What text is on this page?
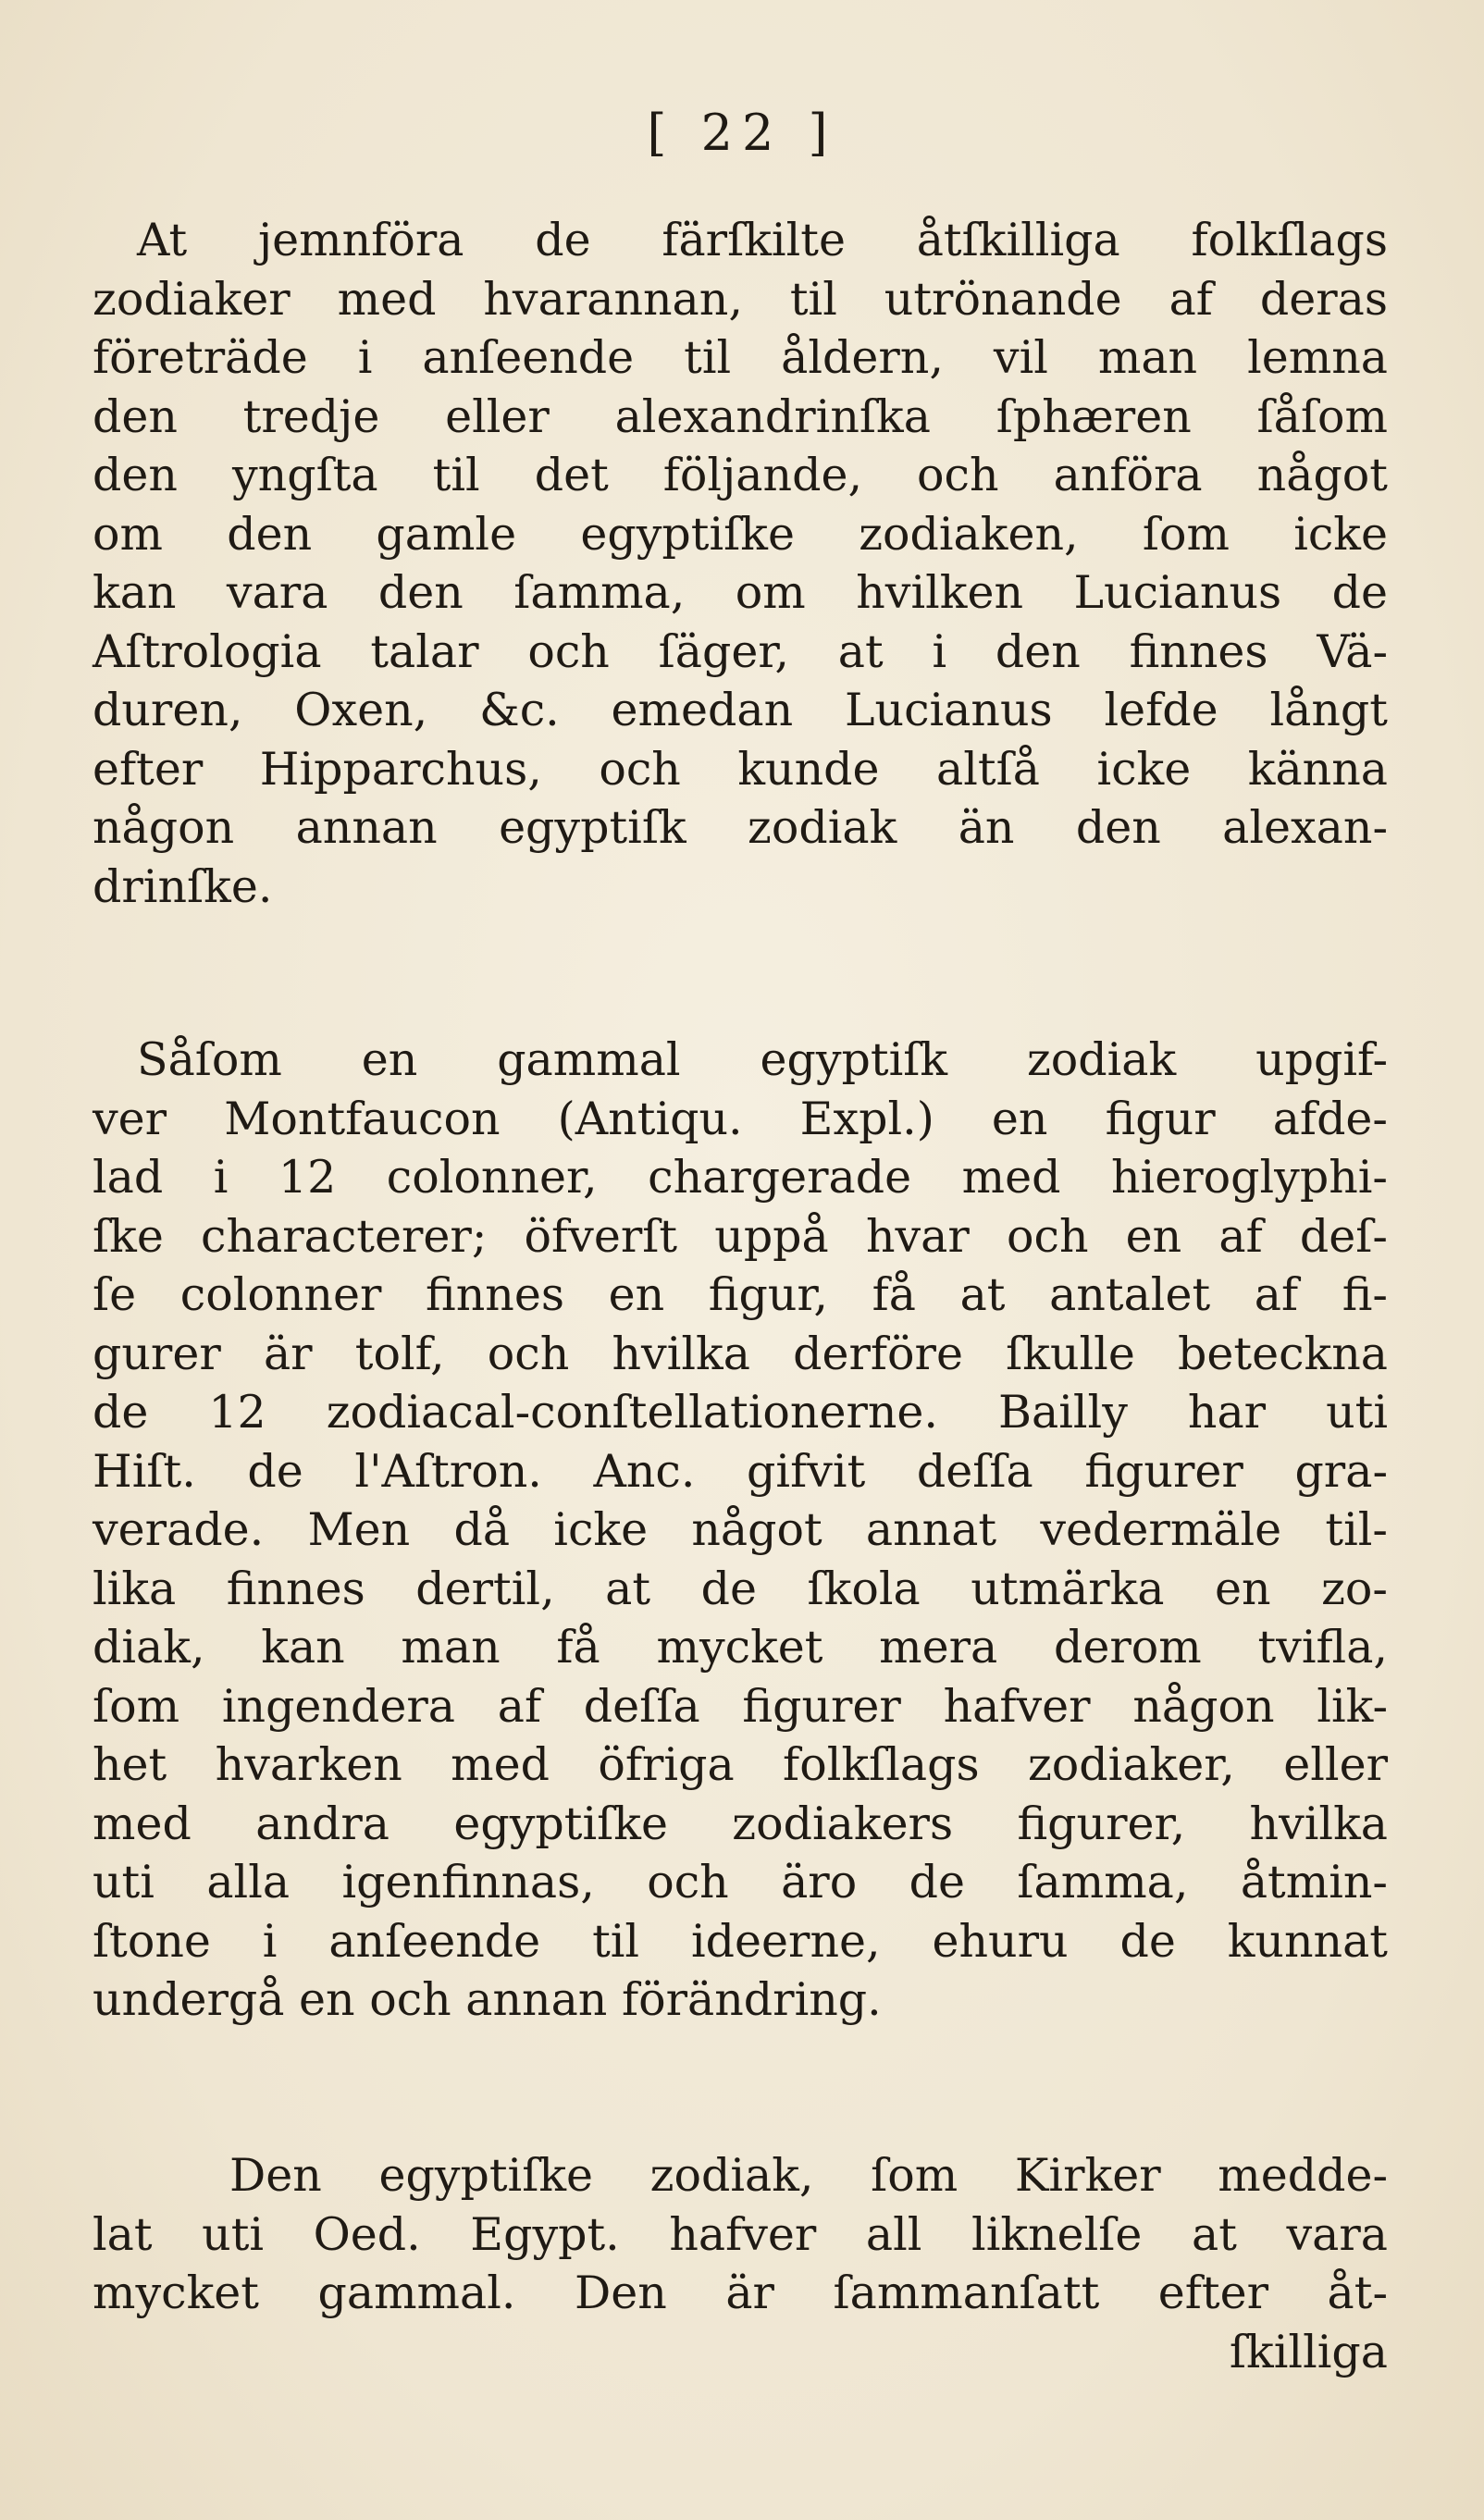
[ 22 ]
At jemnföra de färſkilte åtſkilliga folkſlags
zodiaker med hvarannan, til utrönande af deras
företräde i anſeende til åldern, vil man lemna
den tredje eller alexandrinſka ſphæren ſåſom
den yngſta til det följande, och anföra något
om den gamle egyptiſke zodiaken, ſom icke
kan vara den ſamma, om hvilken Lucianus de
Aſtrologia talar och ſäger, at i den finnes Vä-
duren, Oxen, &c. emedan Lucianus lefde långt
efter Hipparchus, och kunde altſå icke känna
någon annan egyptiſk zodiak än den alexan-
drinſke.
Såſom en gammal egyptiſk zodiak upgif-
ver Montfaucon (Antiqu. Expl.) en figur afde-
lad i 12 colonner, chargerade med hieroglyphi-
ſke characterer; öfverſt uppå hvar och en af deſ-
ſe colonner finnes en figur, få at antalet af fi-
gurer är tolf, och hvilka derföre ſkulle beteckna
de 12 zodiacal-conſtellationerne. Bailly har uti
Hiſt. de l'Aſtron. Anc. gifvit deſſa figurer gra-
verade. Men då icke något annat vedermäle til-
lika finnes dertil, at de ſkola utmärka en zo-
diak, kan man få mycket mera derom tvifla,
ſom ingendera af deſſa figurer hafver någon lik-
het hvarken med öfriga folkſlags zodiaker, eller
med andra egyptiſke zodiakers figurer, hvilka
uti alla igenfinnas, och äro de ſamma, åtmin-
ſtone i anſeende til ideerne, ehuru de kunnat
undergå en och annan förändring.
Den egyptiſke zodiak, ſom Kirker medde-
lat uti Oed. Egypt. hafver all liknelſe at vara
mycket gammal. Den är ſammanſatt efter åt-
ſkilliga
